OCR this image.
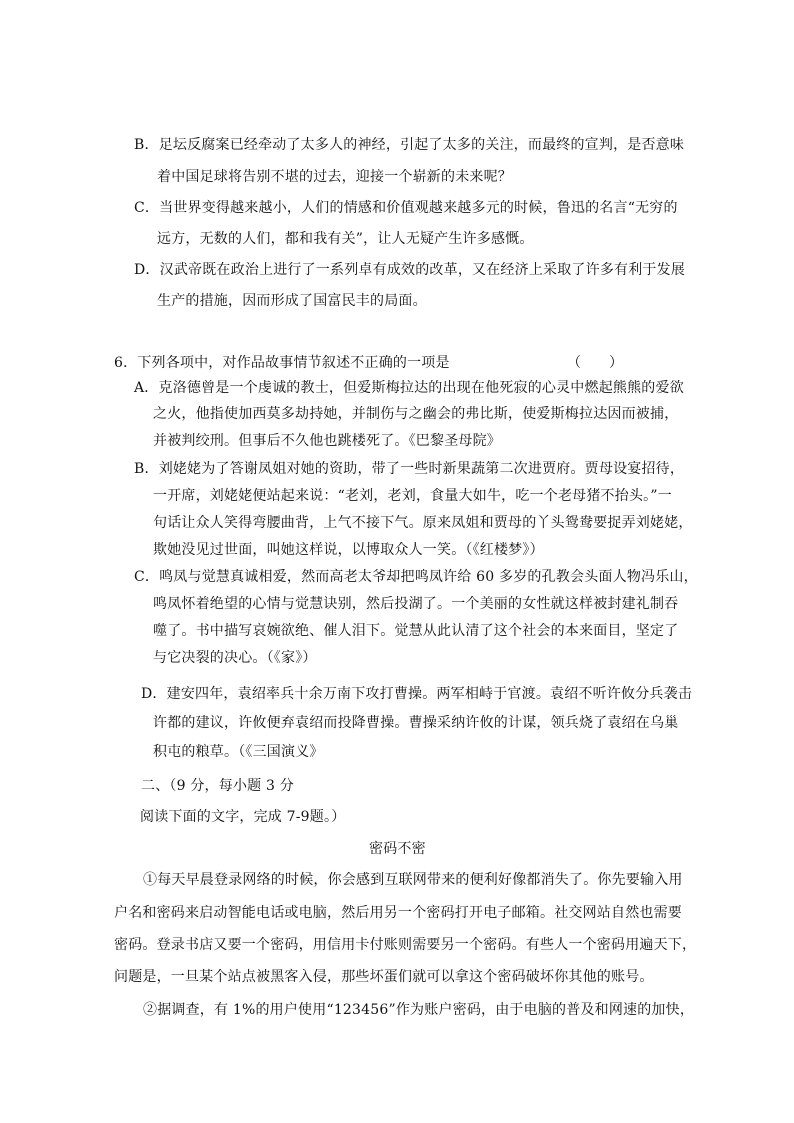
B．足坛反腐案已经牵动了太多人的神经，引起了太多的关注，而最终的宣判，是否意味
着中国足球将告别不堪的过去，迎接一个崭新的未来呢？
C．当世界变得越来越小，人们的情感和价值观越来越多元的时候，鲁迅的名言“无穷的
远方，无数的人们，都和我有关”，让人无疑产生许多感慨。
D．汉武帝既在政治上进行了一系列卓有成效的改革，又在经济上采取了许多有利于发展
生产的措施，因而形成了国富民丰的局面。
6．下列各项中，对作品故事情节叙述不正确的一项是	（　　）
A．克洛德曾是一个虔诚的教士，但爱斯梅拉达的出现在他死寂的心灵中燃起熊熊的爱欲
之火，他指使加西莫多劫持她，并制伤与之幽会的弗比斯，使爱斯梅拉达因而被捕，
并被判绞刑。但事后不久他也跳楼死了。《巴黎圣母院》
B．刘姥姥为了答谢凤姐对她的资助，带了一些时新果蔬第二次进贾府。贾母设宴招待，
一开席，刘姥姥便站起来说：“老刘，老刘，食量大如牛，吃一个老母猪不抬头。”一
句话让众人笑得弯腰曲背，上气不接下气。原来凤姐和贾母的丫头鸳鸯要捉弄刘姥姥，
欺她没见过世面，叫她这样说，以博取众人一笑。（《红楼梦》）
C．鸣凤与觉慧真诚相爱，然而高老太爷却把鸣凤许给 60 多岁的孔教会头面人物冯乐山，
鸣凤怀着绝望的心情与觉慧诀别，然后投湖了。一个美丽的女性就这样被封建礼制吞
噬了。书中描写哀婉欲绝、催人泪下。觉慧从此认清了这个社会的本来面目，坚定了
与它决裂的决心。（《家》）
D．建安四年，袁绍率兵十余万南下攻打曹操。两军相峙于官渡。袁绍不听许攸分兵袭击
许都的建议，许攸便弃袁绍而投降曹操。曹操采纳许攸的计谋，领兵烧了袁绍在乌巢
积屯的粮草。（《三国演义》
二、（9 分，每小题 3 分
阅读下面的文字，完成 7-9题。）
密码不密
①每天早晨登录网络的时候，你会感到互联网带来的便利好像都消失了。你先要输入用
户名和密码来启动智能电话或电脑，然后用另一个密码打开电子邮箱。社交网站自然也需要
密码。登录书店又要一个密码，用信用卡付账则需要另一个密码。有些人一个密码用遍天下，
问题是，一旦某个站点被黑客入侵，那些坏蛋们就可以拿这个密码破坏你其他的账号。
②据调查，有 1%的用户使用“123456”作为账户密码，由于电脑的普及和网速的加快，
